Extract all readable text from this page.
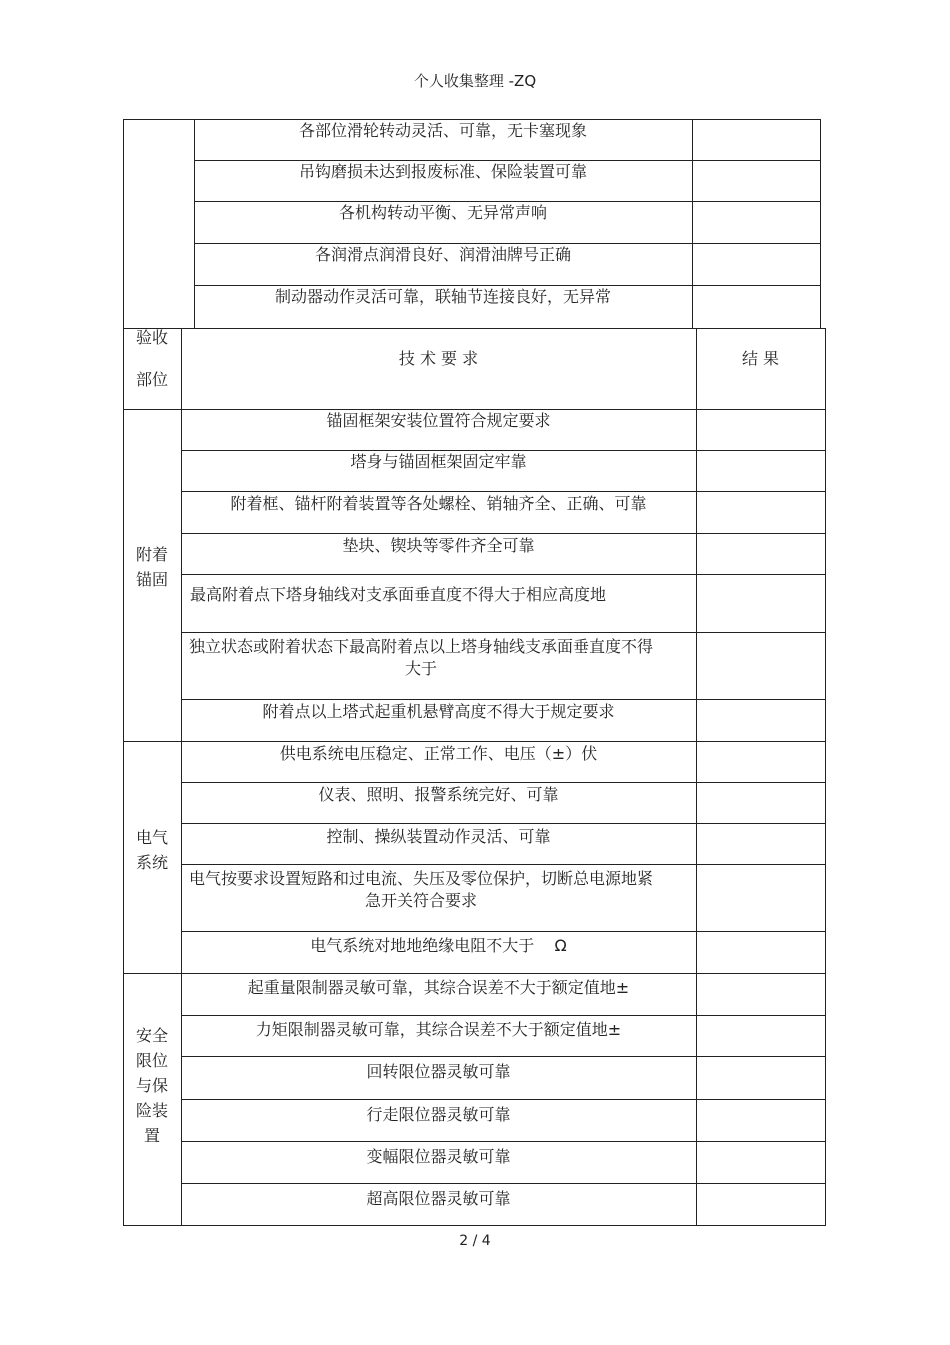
个人收集整理 -ZQ
各部位滑轮转动灵活、可靠，无卡塞现象
吊钩磨损未达到报废标准、保险装置可靠
各机构转动平衡、无异常声响
各润滑点润滑良好、润滑油牌号正确
制动器动作灵活可靠，联轴节连接良好，无异常
验收
部位
技 术 要 求	结 果
附着锚固
锚固框架安装位置符合规定要求
塔身与锚固框架固定牢靠
附着框、锚杆附着装置等各处螺栓、销轴齐全、正确、可靠
垫块、锲块等零件齐全可靠
最高附着点下塔身轴线对支承面垂直度不得大于相应高度地
独立状态或附着状态下最高附着点以上塔身轴线支承面垂直度不得大于
附着点以上塔式起重机悬臂高度不得大于规定要求
电气系统
供电系统电压稳定、正常工作、电压（±）伏
仪表、照明、报警系统完好、可靠
控制、操纵装置动作灵活、可靠
电气按要求设置短路和过电流、失压及零位保护，切断总电源地紧急开关符合要求
电气系统对地地绝缘电阻不大于    Ω
安全限位与保险装置
起重量限制器灵敏可靠，其综合误差不大于额定值地±
力矩限制器灵敏可靠，其综合误差不大于额定值地±
回转限位器灵敏可靠
行走限位器灵敏可靠
变幅限位器灵敏可靠
超高限位器灵敏可靠
2 / 4
